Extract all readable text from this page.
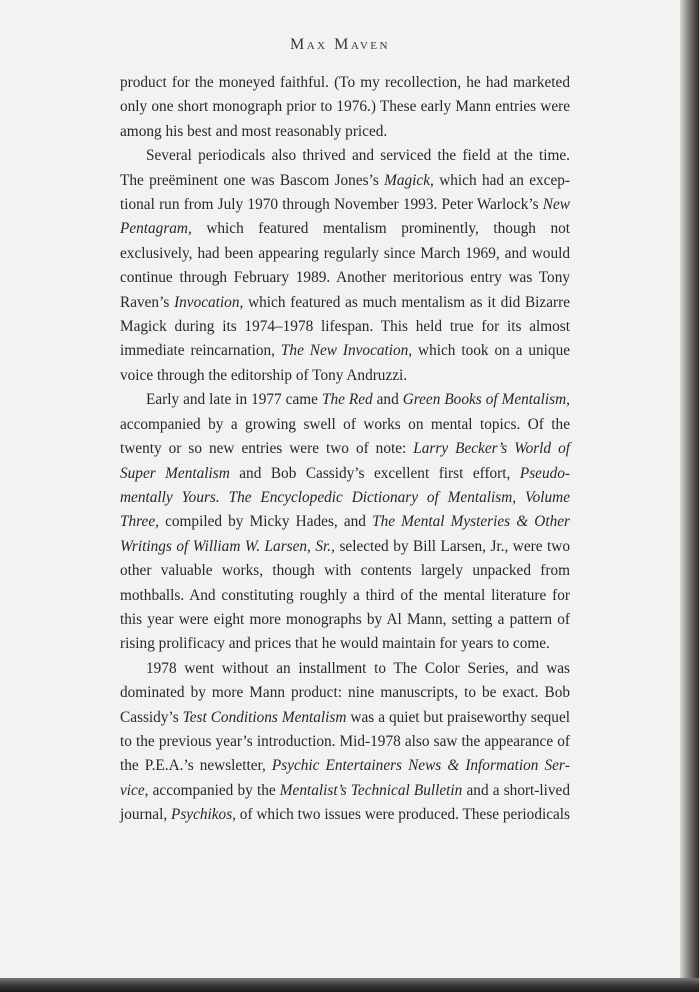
Max Maven

product for the moneyed faithful. (To my recollection, he had marketed only one short monograph prior to 1976.) These early Mann entries were among his best and most reasonably priced.

Several periodicals also thrived and serviced the field at the time. The preëminent one was Bascom Jones’s Magick, which had an exceptional run from July 1970 through November 1993. Peter Warlock’s New Pentagram, which featured mentalism prominently, though not exclusively, had been appearing regularly since March 1969, and would continue through February 1989. Another meritorious entry was Tony Raven’s Invocation, which featured as much mentalism as it did Bizarre Magick during its 1974–1978 lifespan. This held true for its almost immediate reincarnation, The New Invocation, which took on a unique voice through the editorship of Tony Andruzzi.

Early and late in 1977 came The Red and Green Books of Mentalism, accompanied by a growing swell of works on mental topics. Of the twenty or so new entries were two of note: Larry Becker’s World of Super Mentalism and Bob Cassidy’s excellent first effort, Pseudo-mentally Yours. The Encyclopedic Dictionary of Mentalism, Volume Three, compiled by Micky Hades, and The Mental Mysteries & Other Writings of William W. Larsen, Sr., selected by Bill Larsen, Jr., were two other valuable works, though with contents largely unpacked from mothballs. And constituting roughly a third of the mental literature for this year were eight more monographs by Al Mann, setting a pattern of rising prolificacy and prices that he would maintain for years to come.

1978 went without an installment to The Color Series, and was dominated by more Mann product: nine manuscripts, to be exact. Bob Cassidy’s Test Conditions Mentalism was a quiet but praiseworthy sequel to the previous year’s introduction. Mid-1978 also saw the appearance of the P.E.A.’s newsletter, Psychic Entertainers News & Information Service, accompanied by the Mentalist’s Technical Bulletin and a short-lived journal, Psychikos, of which two issues were produced. These periodicals
